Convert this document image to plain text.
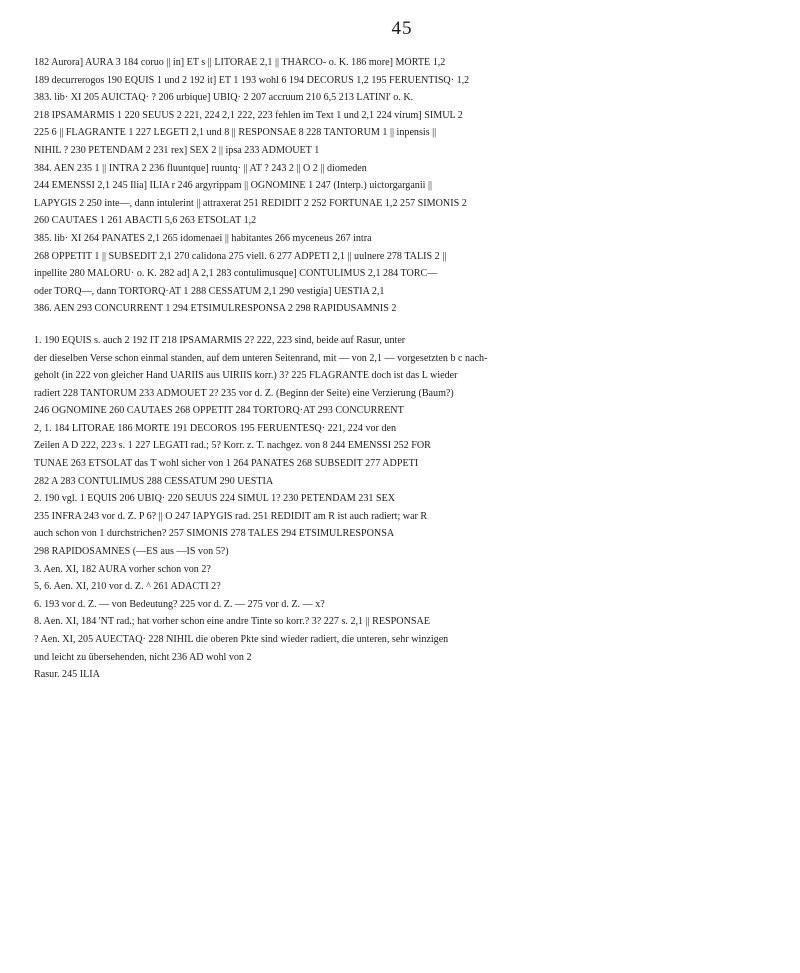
45
182 Aurora] AURA 3 184 coruo || in] ET s || LITORAE 2,1 || THARCO- o. K. 186 more] MORTE 1,2
189 decurrerogos 190 EQUIS 1 und 2 192 it] ET 1 193 wohl 6 194 DECORUS 1,2 195 FERUENTISQ· 1,2
383. lib· XI 205 AUICTAQ· ? 206 urbique] UBIQ· 2 207 accruum 210 6,5 213 LATINI' o. K.
218 IPSAMARMIS 1 220 SEUUS 2 221, 224 2,1 222, 223 fehlen im Text 1 und 2,1 224 virum] SIMUL 2
225 6 || FLAGRANTE 1 227 LEGETI 2,1 und 8 || RESPONSAE 8 228 TANTORUM 1 || inpensis ||
NIHIL ? 230 PETENDAM 2 231 rex] SEX 2 || ipsa 233 ADMOUET 1
384. AEN 235 1 || INTRA 2 236 fluuntque] ruuntq· || AT ? 243 2 || O 2 || diomeden
244 EMENSSI 2,1 245 Ilia] ILIA r 246 argyrippam || OGNOMINE 1 247 (Interp.) uictorgarganii ||
LAPYGIS 2 250 inte—, dann intulerint || attraxerat 251 REDIDIT 2 252 FORTUNAE 1,2 257 SIMONIS 2
260 CAUTAES 1 261 ABACTI 5,6 263 ETSOLAT 1,2
385. lib· XI 264 PANATES 2,1 265 idomenaei || habitantes 266 myceneus 267 intra
268 OPPETIT 1 || SUBSEDIT 2,1 270 calidona 275 viell. 6 277 ADPETI 2,1 || uulnere 278 TALIS 2 ||
inpellite 280 MALORU· o. K. 282 ad] A 2,1 283 contulimusque] CONTULIMUS 2,1 284 TORC—
oder TORQ—, dann TORTORQ·AT 1 288 CESSATUM 2,1 290 vestigia] UESTIA 2,1
386. AEN 293 CONCURRENT 1 294 ETSIMULRESPONSA 2 298 RAPIDUSAMNIS 2
1. 190 EQUIS s. auch 2 192 IT 218 IPSAMARMIS 2? 222, 223 sind, beide auf Rasur, unter
der dieselben Verse schon einmal standen, auf dem unteren Seitenrand, mit — von 2,1 — vorgesetzten b c nach-
geholt (in 222 von gleicher Hand UARIIS aus UIRIIS korr.) 3? 225 FLAGRANTE doch ist das L wieder
radiert 228 TANTORUM 233 ADMOUET 2? 235 vor d. Z. (Beginn der Seite) eine Verzierung (Baum?)
246 OGNOMINE 260 CAUTAES 268 OPPETIT 284 TORTORQ·AT 293 CONCURRENT
2, 1. 184 LITORAE 186 MORTE 191 DECOROS 195 FERUENTESQ· 221, 224 vor den
Zeilen A D 222, 223 s. 1 227 LEGATI rad.; 5? Korr. z. T. nachgez. von 8 244 EMENSSI 252 FOR
TUNAE 263 ETSOLAT das T wohl sicher von 1 264 PANATES 268 SUBSEDIT 277 ADPETI
282 A 283 CONTULIMUS 288 CESSATUM 290 UESTIA
2. 190 vgl. 1 EQUIS 206 UBIQ· 220 SEUUS 224 SIMUL 1? 230 PETENDAM 231 SEX
235 INFRA 243 vor d. Z. P 6? || O 247 IAPYGIS rad. 251 REDIDIT am R ist auch radiert; war R
auch schon von 1 durchstrichen? 257 SIMONIS 278 TALES 294 ETSIMULRESPONSA
298 RAPIDOSAMNES (—ES aus —IS von 5?)
3. Aen. XI, 182 AURA vorher schon von 2?
5, 6. Aen. XI, 210 vor d. Z. ^ 261 ADACTI 2?
6. 193 vor d. Z. — von Bedeutung? 225 vor d. Z. — 275 vor d. Z. — x?
8. Aen. XI, 184 'NT rad.; hat vorher schon eine andre Tinte so korr.? 3? 227 s. 2,1 || RESPONSAE
? Aen. XI, 205 AUECTAQ· 228 NIHIL die oberen Pkte sind wieder radiert, die unteren, sehr winzigen
und leicht zu übersehenden, nicht 236 AD wohl von 2
Rasur. 245 ILIA
